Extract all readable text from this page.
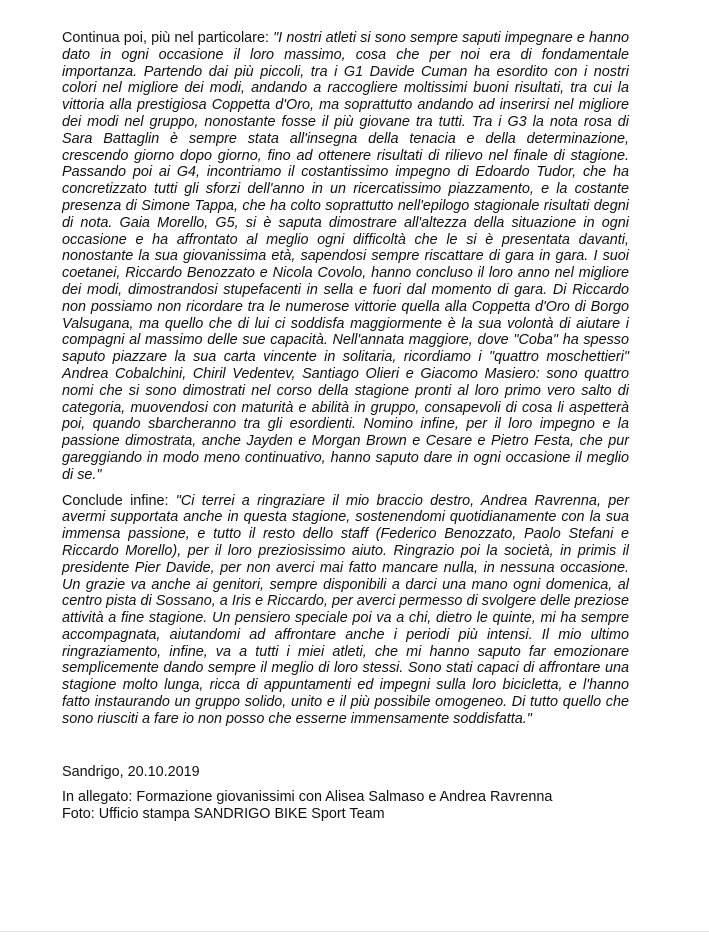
Continua poi, più nel particolare: "I nostri atleti si sono sempre saputi impegnare e hanno dato in ogni occasione il loro massimo, cosa che per noi era di fondamentale importanza. Partendo dai più piccoli, tra i G1 Davide Cuman ha esordito con i nostri colori nel migliore dei modi, andando a raccogliere moltissimi buoni risultati, tra cui la vittoria alla prestigiosa Coppetta d'Oro, ma soprattutto andando ad inserirsi nel migliore dei modi nel gruppo, nonostante fosse il più giovane tra tutti. Tra i G3 la nota rosa di Sara Battaglin è sempre stata all'insegna della tenacia e della determinazione, crescendo giorno dopo giorno, fino ad ottenere risultati di rilievo nel finale di stagione. Passando poi ai G4, incontriamo il costantissimo impegno di Edoardo Tudor, che ha concretizzato tutti gli sforzi dell'anno in un ricercatissimo piazzamento, e la costante presenza di Simone Tappa, che ha colto soprattutto nell'epilogo stagionale risultati degni di nota. Gaia Morello, G5, si è saputa dimostrare all'altezza della situazione in ogni occasione e ha affrontato al meglio ogni difficoltà che le si è presentata davanti, nonostante la sua giovanissima età, sapendosi sempre riscattare di gara in gara. I suoi coetanei, Riccardo Benozzato e Nicola Covolo, hanno concluso il loro anno nel migliore dei modi, dimostrandosi stupefacenti in sella e fuori dal momento di gara. Di Riccardo non possiamo non ricordare tra le numerose vittorie quella alla Coppetta d'Oro di Borgo Valsugana, ma quello che di lui ci soddisfa maggiormente è la sua volontà di aiutare i compagni al massimo delle sue capacità. Nell'annata maggiore, dove "Coba" ha spesso saputo piazzare la sua carta vincente in solitaria, ricordiamo i "quattro moschettieri" Andrea Cobalchini, Chiril Vedentev, Santiago Olieri e Giacomo Masiero: sono quattro nomi che si sono dimostrati nel corso della stagione pronti al loro primo vero salto di categoria, muovendosi con maturità e abilità in gruppo, consapevoli di cosa li aspetterà poi, quando sbarcheranno tra gli esordienti. Nomino infine, per il loro impegno e la passione dimostrata, anche Jayden e Morgan Brown e Cesare e Pietro Festa, che pur gareggiando in modo meno continuativo, hanno saputo dare in ogni occasione il meglio di se."

Conclude infine: "Ci terrei a ringraziare il mio braccio destro, Andrea Ravrenna, per avermi supportata anche in questa stagione, sostenendomi quotidianamente con la sua immensa passione, e tutto il resto dello staff (Federico Benozzato, Paolo Stefani e Riccardo Morello), per il loro preziosissimo aiuto. Ringrazio poi la società, in primis il presidente Pier Davide, per non averci mai fatto mancare nulla, in nessuna occasione. Un grazie va anche ai genitori, sempre disponibili a darci una mano ogni domenica, al centro pista di Sossano, a Iris e Riccardo, per averci permesso di svolgere delle preziose attività a fine stagione. Un pensiero speciale poi va a chi, dietro le quinte, mi ha sempre accompagnata, aiutandomi ad affrontare anche i periodi più intensi. Il mio ultimo ringraziamento, infine, va a tutti i miei atleti, che mi hanno saputo far emozionare semplicemente dando sempre il meglio di loro stessi. Sono stati capaci di affrontare una stagione molto lunga, ricca di appuntamenti ed impegni sulla loro bicicletta, e l'hanno fatto instaurando un gruppo solido, unito e il più possibile omogeneo. Di tutto quello che sono riusciti a fare io non posso che esserne immensamente soddisfatta."

Sandrigo, 20.10.2019
In allegato: Formazione giovanissimi con Alisea Salmaso e Andrea Ravrenna
Foto: Ufficio stampa SANDRIGO BIKE Sport Team
